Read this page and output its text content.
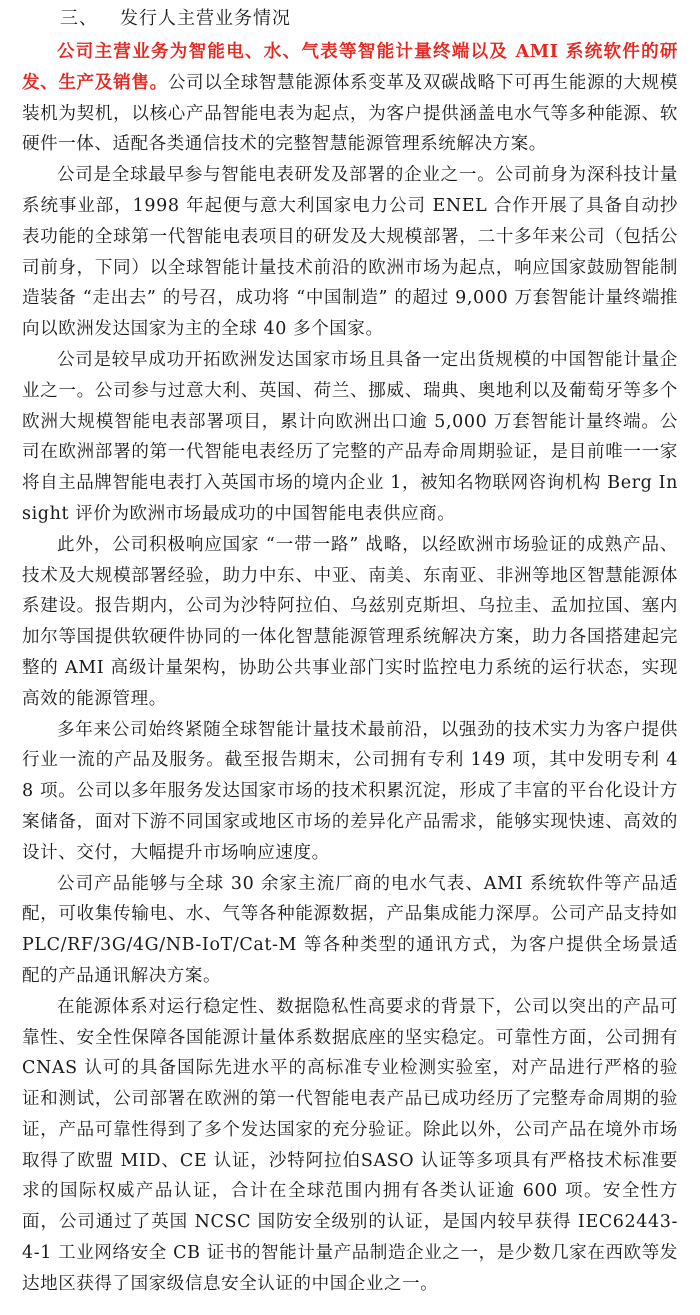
三、 发行人主营业务情况

公司主营业务为智能电、水、气表等智能计量终端以及 AMI 系统软件的研发、生产及销售。公司以全球智慧能源体系变革及双碳战略下可再生能源的大规模装机为契机，以核心产品智能电表为起点，为客户提供涵盖电水气等多种能源、软硬件一体、适配各类通信技术的完整智慧能源管理系统解决方案。

公司是全球最早参与智能电表研发及部署的企业之一。公司前身为深科技计量系统事业部，1998 年起便与意大利国家电力公司 ENEL 合作开展了具备自动抄表功能的全球第一代智能电表项目的研发及大规模部署，二十多年来公司（包括公司前身，下同）以全球智能计量技术前沿的欧洲市场为起点，响应国家鼓励智能制造装备 “走出去” 的号召，成功将 “中国制造” 的超过 9,000 万套智能计量终端推向以欧洲发达国家为主的全球 40 多个国家。

公司是较早成功开拓欧洲发达国家市场且具备一定出货规模的中国智能计量企业之一。公司参与过意大利、英国、荷兰、挪威、瑞典、奥地利以及葡萄牙等多个欧洲大规模智能电表部署项目，累计向欧洲出口逾 5,000 万套智能计量终端。公司在欧洲部署的第一代智能电表经历了完整的产品寿命周期验证，是目前唯一一家将自主品牌智能电表打入英国市场的境内企业 1，被知名物联网咨询机构 Berg Insight 评价为欧洲市场最成功的中国智能电表供应商。

此外，公司积极响应国家 “一带一路” 战略，以经欧洲市场验证的成熟产品、技术及大规模部署经验，助力中东、中亚、南美、东南亚、非洲等地区智慧能源体系建设。报告期内，公司为沙特阿拉伯、乌兹别克斯坦、乌拉圭、孟加拉国、塞内加尔等国提供软硬件协同的一体化智慧能源管理系统解决方案，助力各国搭建起完整的 AMI 高级计量架构，协助公共事业部门实时监控电力系统的运行状态，实现高效的能源管理。

多年来公司始终紧随全球智能计量技术最前沿，以强劲的技术实力为客户提供行业一流的产品及服务。截至报告期末，公司拥有专利 149 项，其中发明专利 48 项。公司以多年服务发达国家市场的技术积累沉淀，形成了丰富的平台化设计方案储备，面对下游不同国家或地区市场的差异化产品需求，能够实现快速、高效的设计、交付，大幅提升市场响应速度。

公司产品能够与全球 30 余家主流厂商的电水气表、AMI 系统软件等产品适配，可收集传输电、水、气等各种能源数据，产品集成能力深厚。公司产品支持如 PLC/RF/3G/4G/NB-IoT/Cat-M 等各种类型的通讯方式，为客户提供全场景适配的产品通讯解决方案。

在能源体系对运行稳定性、数据隐私性高要求的背景下，公司以突出的产品可靠性、安全性保障各国能源计量体系数据底座的坚实稳定。可靠性方面，公司拥有 CNAS 认可的具备国际先进水平的高标准专业检测实验室，对产品进行严格的验证和测试，公司部署在欧洲的第一代智能电表产品已成功经历了完整寿命周期的验证，产品可靠性得到了多个发达国家的充分验证。除此以外，公司产品在境外市场取得了欧盟 MID、CE 认证，沙特阿拉伯SASO 认证等多项具有严格技术标准要求的国际权威产品认证，合计在全球范围内拥有各类认证逾 600 项。安全性方面，公司通过了英国 NCSC 国防安全级别的认证，是国内较早获得 IEC62443-4-1 工业网络安全 CB 证书的智能计量产品制造企业之一，是少数几家在西欧等发达地区获得了国家级信息安全认证的中国企业之一。
